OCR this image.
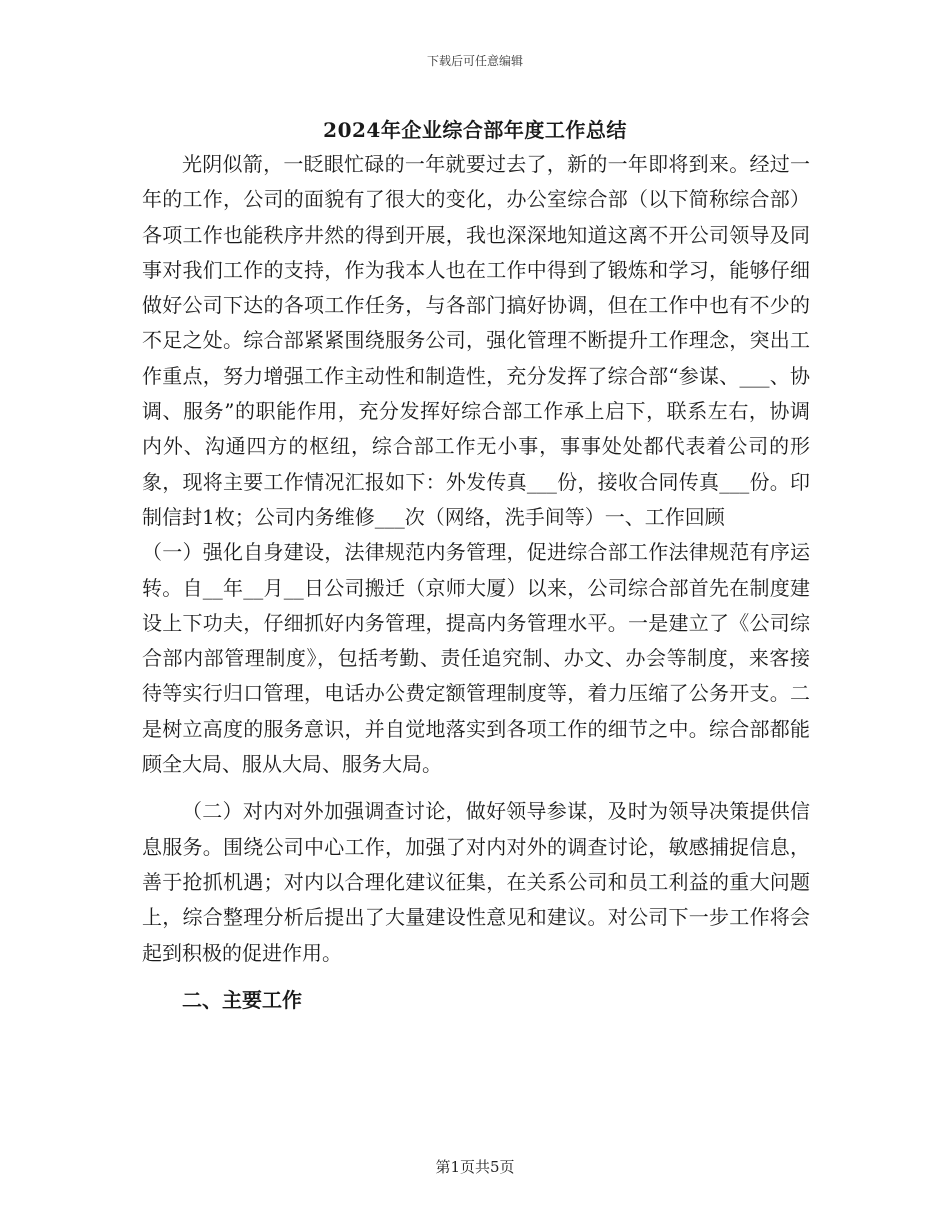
下载后可任意编辑
2024年企业综合部年度工作总结

光阴似箭，一眨眼忙碌的一年就要过去了，新的一年即将到来。经过一年的工作，公司的面貌有了很大的变化，办公室综合部（以下简称综合部）各项工作也能秩序井然的得到开展，我也深深地知道这离不开公司领导及同事对我们工作的支持，作为我本人也在工作中得到了锻炼和学习，能够仔细做好公司下达的各项工作任务，与各部门搞好协调，但在工作中也有不少的不足之处。综合部紧紧围绕服务公司，强化管理不断提升工作理念，突出工作重点，努力增强工作主动性和制造性，充分发挥了综合部“参谋、___、协调、服务”的职能作用，充分发挥好综合部工作承上启下，联系左右，协调内外、沟通四方的枢纽，综合部工作无小事，事事处处都代表着公司的形象，现将主要工作情况汇报如下：外发传真___份，接收合同传真___份。印制信封1枚；公司内务维修___次（网络，洗手间等）一、工作回顾

（一）强化自身建设，法律规范内务管理，促进综合部工作法律规范有序运转。自__年__月__日公司搬迁（京师大厦）以来，公司综合部首先在制度建设上下功夫，仔细抓好内务管理，提高内务管理水平。一是建立了《公司综合部内部管理制度》，包括考勤、责任追究制、办文、办会等制度，来客接待等实行归口管理，电话办公费定额管理制度等，着力压缩了公务开支。二是树立高度的服务意识，并自觉地落实到各项工作的细节之中。综合部都能顾全大局、服从大局、服务大局。

（二）对内对外加强调查讨论，做好领导参谋，及时为领导决策提供信息服务。围绕公司中心工作，加强了对内对外的调查讨论，敏感捕捉信息，善于抢抓机遇；对内以合理化建议征集，在关系公司和员工利益的重大问题上，综合整理分析后提出了大量建设性意见和建议。对公司下一步工作将会起到积极的促进作用。

二、主要工作

第1页共5页
